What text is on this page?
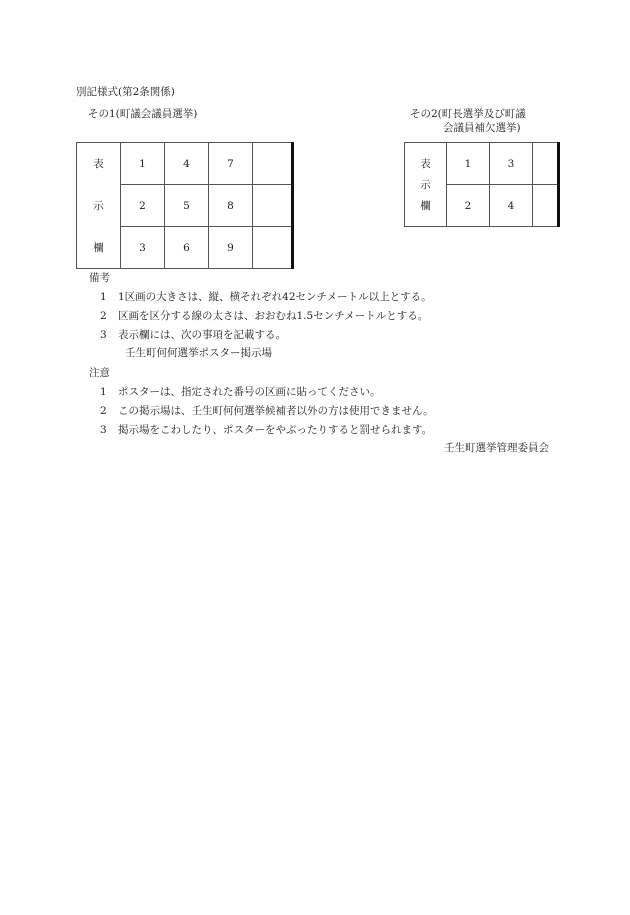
別記様式(第2条関係)
その1(町議会議員選挙)	その2(町長選挙及び町議
会議員補欠選挙)
表
示
欄	1	4	7	
	2	5	8	
	3	6	9	
表
示
欄	1	3	
	2	4	
備考
1 1区画の大きさは、縦、横それぞれ42センチメートル以上とする。
2 区画を区分する線の太さは、おおむね1.5センチメートルとする。
3 表示欄には、次の事項を記載する。
壬生町何何選挙ポスター掲示場
注意
1 ポスターは、指定された番号の区画に貼ってください。
2 この掲示場は、壬生町何何選挙候補者以外の方は使用できません。
3 掲示場をこわしたり、ポスターをやぶったりすると罰せられます。
壬生町選挙管理委員会
